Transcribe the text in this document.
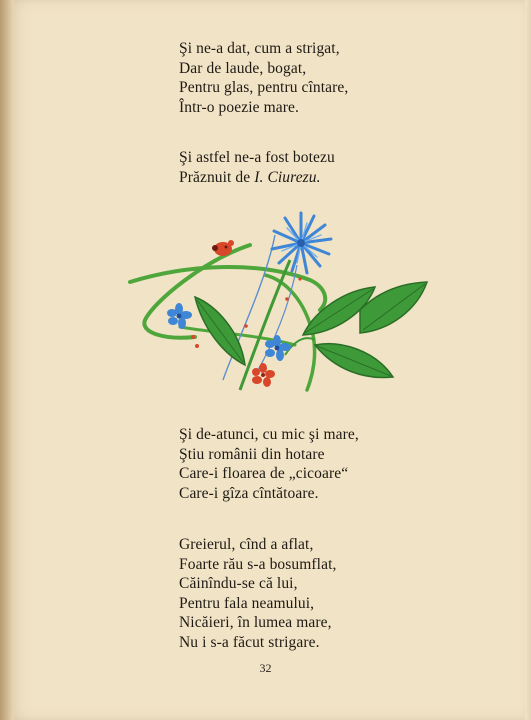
Şi ne-a dat, cum a strigat,
Dar de laude, bogat,
Pentru glas, pentru cîntare,
Într-o poezie mare.
Şi astfel ne-a fost botezu
Prăznuit de I. Ciurezu.
Şi de-atunci, cu mic şi mare,
Ştiu românii din hotare
Care-i floarea de „cicoare“
Care-i gîza cîntătoare.
Greierul, cînd a aflat,
Foarte rău s-a bosumflat,
Căinîndu-se că lui,
Pentru fala neamului,
Nicăieri, în lumea mare,
Nu i s-a făcut strigare.
32
